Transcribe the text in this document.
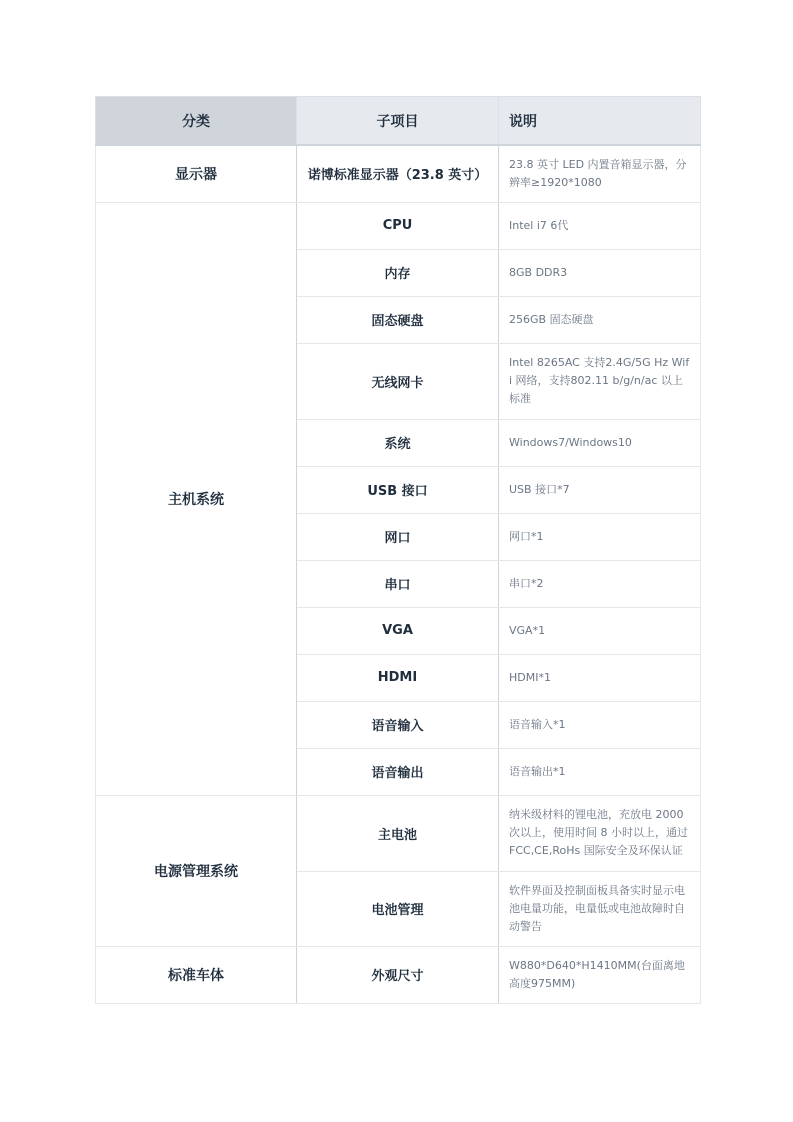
分类	子项目	说明
显示器	诺博标准显示器（23.8 英寸）	23.8 英寸 LED 内置音箱显示器，分辨率≥1920*1080
主机系统	CPU	Intel i7 6代
	内存	8GB DDR3
	固态硬盘	256GB 固态硬盘
	无线网卡	Intel 8265AC 支持2.4G/5G Hz Wifi 网络，支持802.11 b/g/n/ac 以上标准
	系统	Windows7/Windows10
	USB 接口	USB 接口*7
	网口	网口*1
	串口	串口*2
	VGA	VGA*1
	HDMI	HDMI*1
	语音输入	语音输入*1
	语音输出	语音输出*1
电源管理系统	主电池	纳米级材料的锂电池，充放电 2000 次以上，使用时间 8 小时以上，通过 FCC,CE,RoHs 国际安全及环保认证
	电池管理	软件界面及控制面板具备实时显示电池电量功能，电量低或电池故障时自动警告
标准车体	外观尺寸	W880*D640*H1410MM(台面离地高度975MM)
